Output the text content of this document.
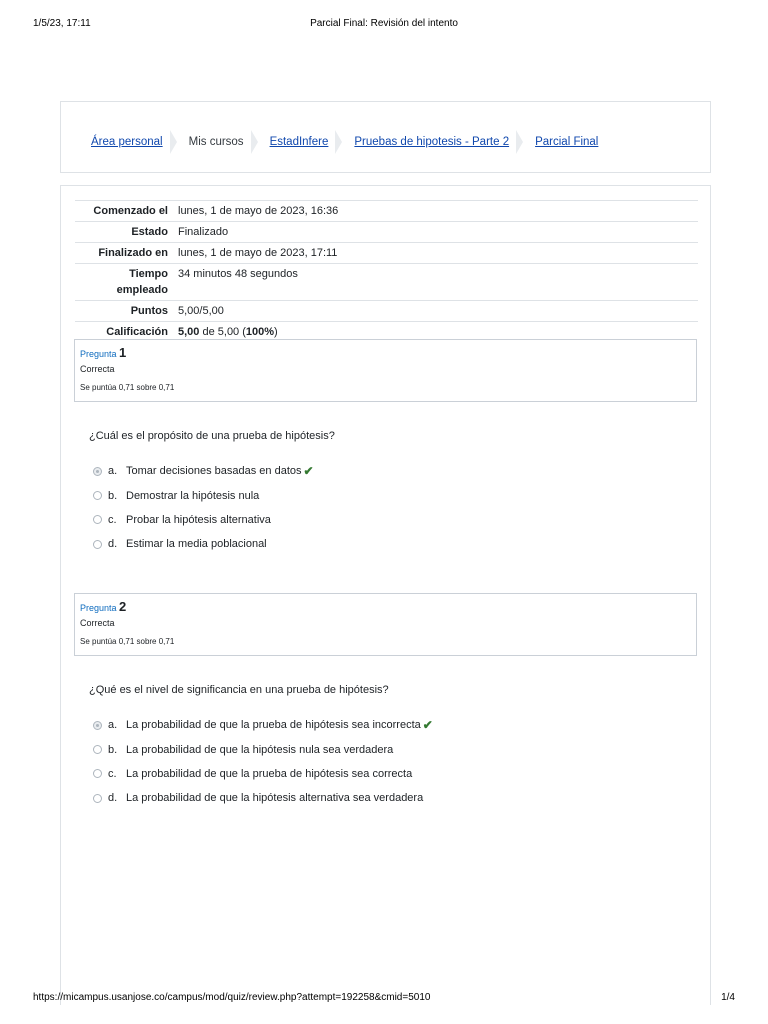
1/5/23, 17:11	Parcial Final: Revisión del intento
Área personal Mis cursos EstadInfere Pruebas de hipotesis - Parte 2 Parcial Final
Comenzado el	lunes, 1 de mayo de 2023, 16:36
Estado	Finalizado
Finalizado en	lunes, 1 de mayo de 2023, 17:11
Tiempo empleado	34 minutos 48 segundos
Puntos	5,00/5,00
Calificación	5,00 de 5,00 (100%)
Pregunta 1
Correcta
Se puntúa 0,71 sobre 0,71
¿Cuál es el propósito de una prueba de hipótesis?
a. Tomar decisiones basadas en datos ✔
b. Demostrar la hipótesis nula
c. Probar la hipótesis alternativa
d. Estimar la media poblacional
Pregunta 2
Correcta
Se puntúa 0,71 sobre 0,71
¿Qué es el nivel de significancia en una prueba de hipótesis?
a. La probabilidad de que la prueba de hipótesis sea incorrecta ✔
b. La probabilidad de que la hipótesis nula sea verdadera
c. La probabilidad de que la prueba de hipótesis sea correcta
d. La probabilidad de que la hipótesis alternativa sea verdadera
https://micampus.usanjose.co/campus/mod/quiz/review.php?attempt=192258&cmid=5010	1/4
